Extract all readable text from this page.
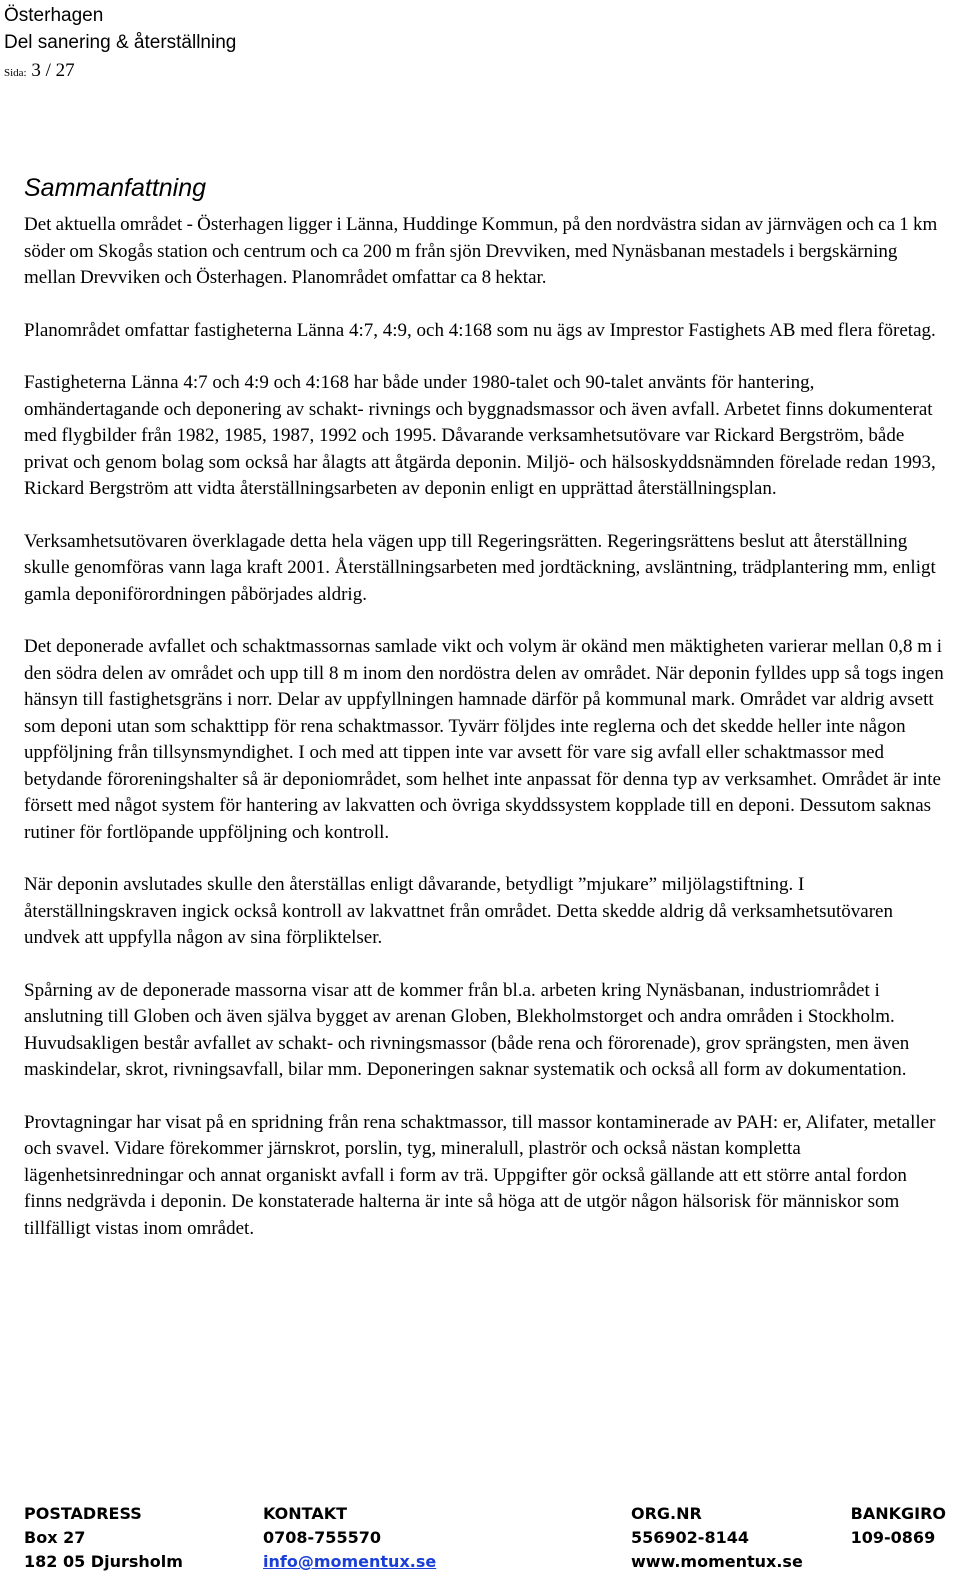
Österhagen
Del sanering & återställning
Sida: 3 / 27
Sammanfattning

Det aktuella området - Österhagen ligger i Länna, Huddinge Kommun, på den nordvästra sidan av järnvägen och ca 1 km söder om Skogås station och centrum och ca 200 m från sjön Drevviken, med Nynäsbanan mestadels i bergskärning mellan Drevviken och Österhagen. Planområdet omfattar ca 8 hektar.

Planområdet omfattar fastigheterna Länna 4:7, 4:9, och 4:168 som nu ägs av Imprestor Fastighets AB med flera företag.

Fastigheterna Länna 4:7 och 4:9 och 4:168 har både under 1980-talet och 90-talet använts för hantering, omhändertagande och deponering av schakt- rivnings och byggnadsmassor och även avfall. Arbetet finns dokumenterat med flygbilder från 1982, 1985, 1987, 1992 och 1995. Dåvarande verksamhetsutövare var Rickard Bergström, både privat och genom bolag som också har ålagts att åtgärda deponin. Miljö- och hälsoskyddsnämnden förelade redan 1993, Rickard Bergström att vidta återställningsarbeten av deponin enligt en upprättad återställningsplan.

Verksamhetsutövaren överklagade detta hela vägen upp till Regeringsrätten. Regeringsrättens beslut att återställning skulle genomföras vann laga kraft 2001. Återställningsarbeten med jordtäckning, avsläntning, trädplantering mm, enligt gamla deponiförordningen påbörjades aldrig.

Det deponerade avfallet och schaktmassornas samlade vikt och volym är okänd men mäktigheten varierar mellan 0,8 m i den södra delen av området och upp till 8 m inom den nordöstra delen av området. När deponin fylldes upp så togs ingen hänsyn till fastighetsgräns i norr. Delar av uppfyllningen hamnade därför på kommunal mark. Området var aldrig avsett som deponi utan som schakttipp för rena schaktmassor. Tyvärr följdes inte reglerna och det skedde heller inte någon uppföljning från tillsynsmyndighet. I och med att tippen inte var avsett för vare sig avfall eller schaktmassor med betydande föroreningshalter så är deponiområdet, som helhet inte anpassat för denna typ av verksamhet. Området är inte försett med något system för hantering av lakvatten och övriga skyddssystem kopplade till en deponi. Dessutom saknas rutiner för fortlöpande uppföljning och kontroll.

När deponin avslutades skulle den återställas enligt dåvarande, betydligt ”mjukare” miljölagstiftning. I återställningskraven ingick också kontroll av lakvattnet från området. Detta skedde aldrig då verksamhetsutövaren undvek att uppfylla någon av sina förpliktelser.

Spårning av de deponerade massorna visar att de kommer från bl.a. arbeten kring Nynäsbanan, industriområdet i anslutning till Globen och även själva bygget av arenan Globen, Blekholmstorget och andra områden i Stockholm. Huvudsakligen består avfallet av schakt- och rivningsmassor (både rena och förorenade), grov sprängsten, men även maskindelar, skrot, rivningsavfall, bilar mm. Deponeringen saknar systematik och också all form av dokumentation.

Provtagningar har visat på en spridning från rena schaktmassor, till massor kontaminerade av PAH: er, Alifater, metaller och svavel. Vidare förekommer järnskrot, porslin, tyg, mineralull, plaströr och också nästan kompletta lägenhetsinredningar och annat organiskt avfall i form av trä. Uppgifter gör också gällande att ett större antal fordon finns nedgrävda i deponin. De konstaterade halterna är inte så höga att de utgör någon hälsorisk för människor som tillfälligt vistas inom området.

POSTADRESS
Box 27
182 05 Djursholm
KONTAKT
0708-755570
info@momentux.se
ORG.NR
556902-8144
www.momentux.se
BANKGIRO
109-0869
